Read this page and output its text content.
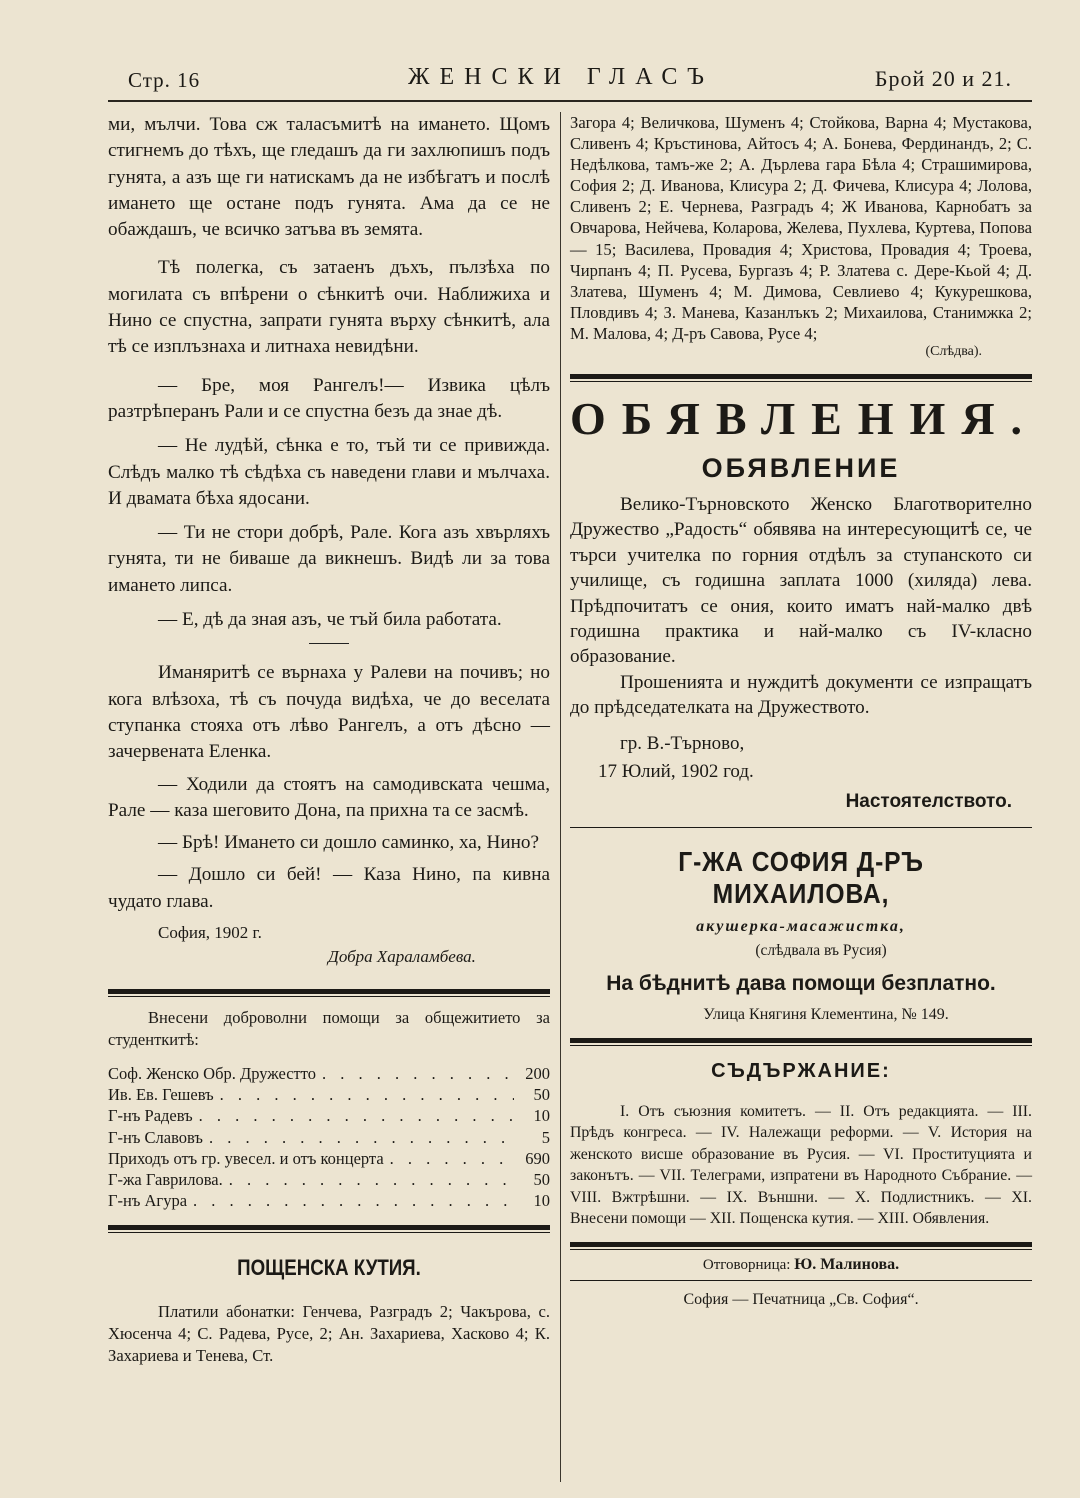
Стр. 16	ЖЕНСКИ ГЛАСЪ	Брой 20 и 21.

ми, мълчи. Това сж таласъмитѣ на имането. Щомъ стигнемъ до тѣхъ, ще гледашъ да ги захлюпишъ подъ гунята, а азъ ще ги натискамъ да не избѣгатъ и послѣ имането ще остане подъ гунята. Ама да се не обаждашъ, че всичко затъва въ земята.

Тѣ полегка, съ затаенъ дъхъ, пълзѣха по могилата съ впѣрени о сѣнкитѣ очи. Наближиха и Нино се спустна, запрати гунята върху сѣнкитѣ, ала тѣ се изплъзнаха и литнаха невидѣни.

— Бре, моя Рангелъ!— Извика цѣлъ разтрѣперанъ Рали и се спустна безъ да знае дѣ.

— Не лудѣй, сѣнка е то, тъй ти се привижда. Слѣдъ малко тѣ сѣдѣха съ наведени глави и мълчаха. И двамата бѣха ядосани.

— Ти не стори добрѣ, Рале. Кога азъ хвърляхъ гунята, ти не биваше да викнешъ. Видѣ ли за това имането липса.

— Е, дѣ да зная азъ, че тъй била работата.

Иманяритѣ се върнаха у Ралеви на почивъ; но кога влѣзоха, тѣ съ почуда видѣха, че до веселата ступанка стояха отъ лѣво Рангелъ, а отъ дѣсно — зачервената Еленка.

— Ходили да стоятъ на самодивската чешма, Рале — каза шеговито Дона, па прихна та се засмѣ.

— Брѣ! Имането си дошло саминко, ха, Нино?

— Дошло си бей! — Каза Нино, па кивна чудато глава.

София, 1902 г.
Добра Хараламбева.
Внесени доброволни помощи за общежитието за студенткитѣ:
Соф. Женско Обр. Дружестто . . .	200
Ив. Ев. Гешевъ . . .	50
Г-нъ Радевъ . . .	10
Г-нъ Славовъ . . .	5
Приходъ отъ гр. увесел. и отъ концерта . . .	690
Г-жа Гаврилова. . . .	50
Г-нъ Агура . . .	10
ПОЩЕНСКА КУТИЯ.

Платили абонатки: Генчева, Разградъ 2; Чакърова, с. Хюсенча 4; С. Радева, Русе, 2; Ан. Захариева, Хасково 4; К. Захариева и Тенева, Ст.

Загора 4; Величкова, Шуменъ 4; Стойкова, Варна 4; Мустакова, Сливенъ 4; Кръстинова, Айтосъ 4; А. Бонева, Фердинандъ, 2; С. Недѣлкова, тамъ-же 2; А. Дърлева гара Бѣла 4; Страшимирова, София 2; Д. Иванова, Клисура 2; Д. Фичева, Клисура 4; Лолова, Сливенъ 2; Е. Чернева, Разградъ 4; Ж Иванова, Карнобатъ за Овчарова, Нейчева, Коларова, Желева, Пухлева, Куртева, Попова — 15; Василева, Провадия 4; Христова, Провадия 4; Троева, Чирпанъ 4; П. Русева, Бургазъ 4; Р. Златева с. Дере-Кьой 4; Д. Златева, Шуменъ 4; М. Димова, Севлиево 4; Кукурешкова, Пловдивъ 4; З. Манева, Казанлъкъ 2; Михаилова, Станимжка 2; М. Малова, 4; Д-ръ Савова, Русе 4;

(Слѣдва).
ОБЯВЛЕНИЯ.
ОБЯВЛЕНИЕ

Велико-Търновското Женско Благотворително Дружество „Радость“ обявява на интересующитѣ се, че търси учителка по горния отдѣлъ за ступанското си училище, съ годишна заплата 1000 (хиляда) лева. Прѣдпочитатъ се ония, които иматъ най-малко двѣ годишна практика и най-малко съ IV-класно образование.

Прошенията и нуждитѣ документи се изпращатъ до прѣдседателката на Дружеството.

гр. В.-Търново,
17 Юлий, 1902 год.
Настоятелството.
Г-ЖА СОФИЯ Д-РЪ МИХАИЛОВА,
акушерка-масажистка,
(слѣдвала въ Русия)
На бѣднитѣ дава помощи безплатно.
Улица Княгиня Клементина, № 149.
СЪДЪРЖАНИЕ:

I. Отъ съюзния комитетъ. — II. Отъ редакцията. — III. Прѣдъ конгреса. — IV. Належащи реформи. — V. История на женското висше образование въ Русия. — VI. Проституцията и законътъ. — VII. Телеграми, изпратени въ Народното Събрание. — VIII. Вжтрѣшни. — IX. Външни. — X. Подлистникъ. — XI. Внесени помощи — XII. Пощенска кутия. — XIII. Обявления.

Отговорница: Ю. Малинова.
София — Печатница „Св. София“.
